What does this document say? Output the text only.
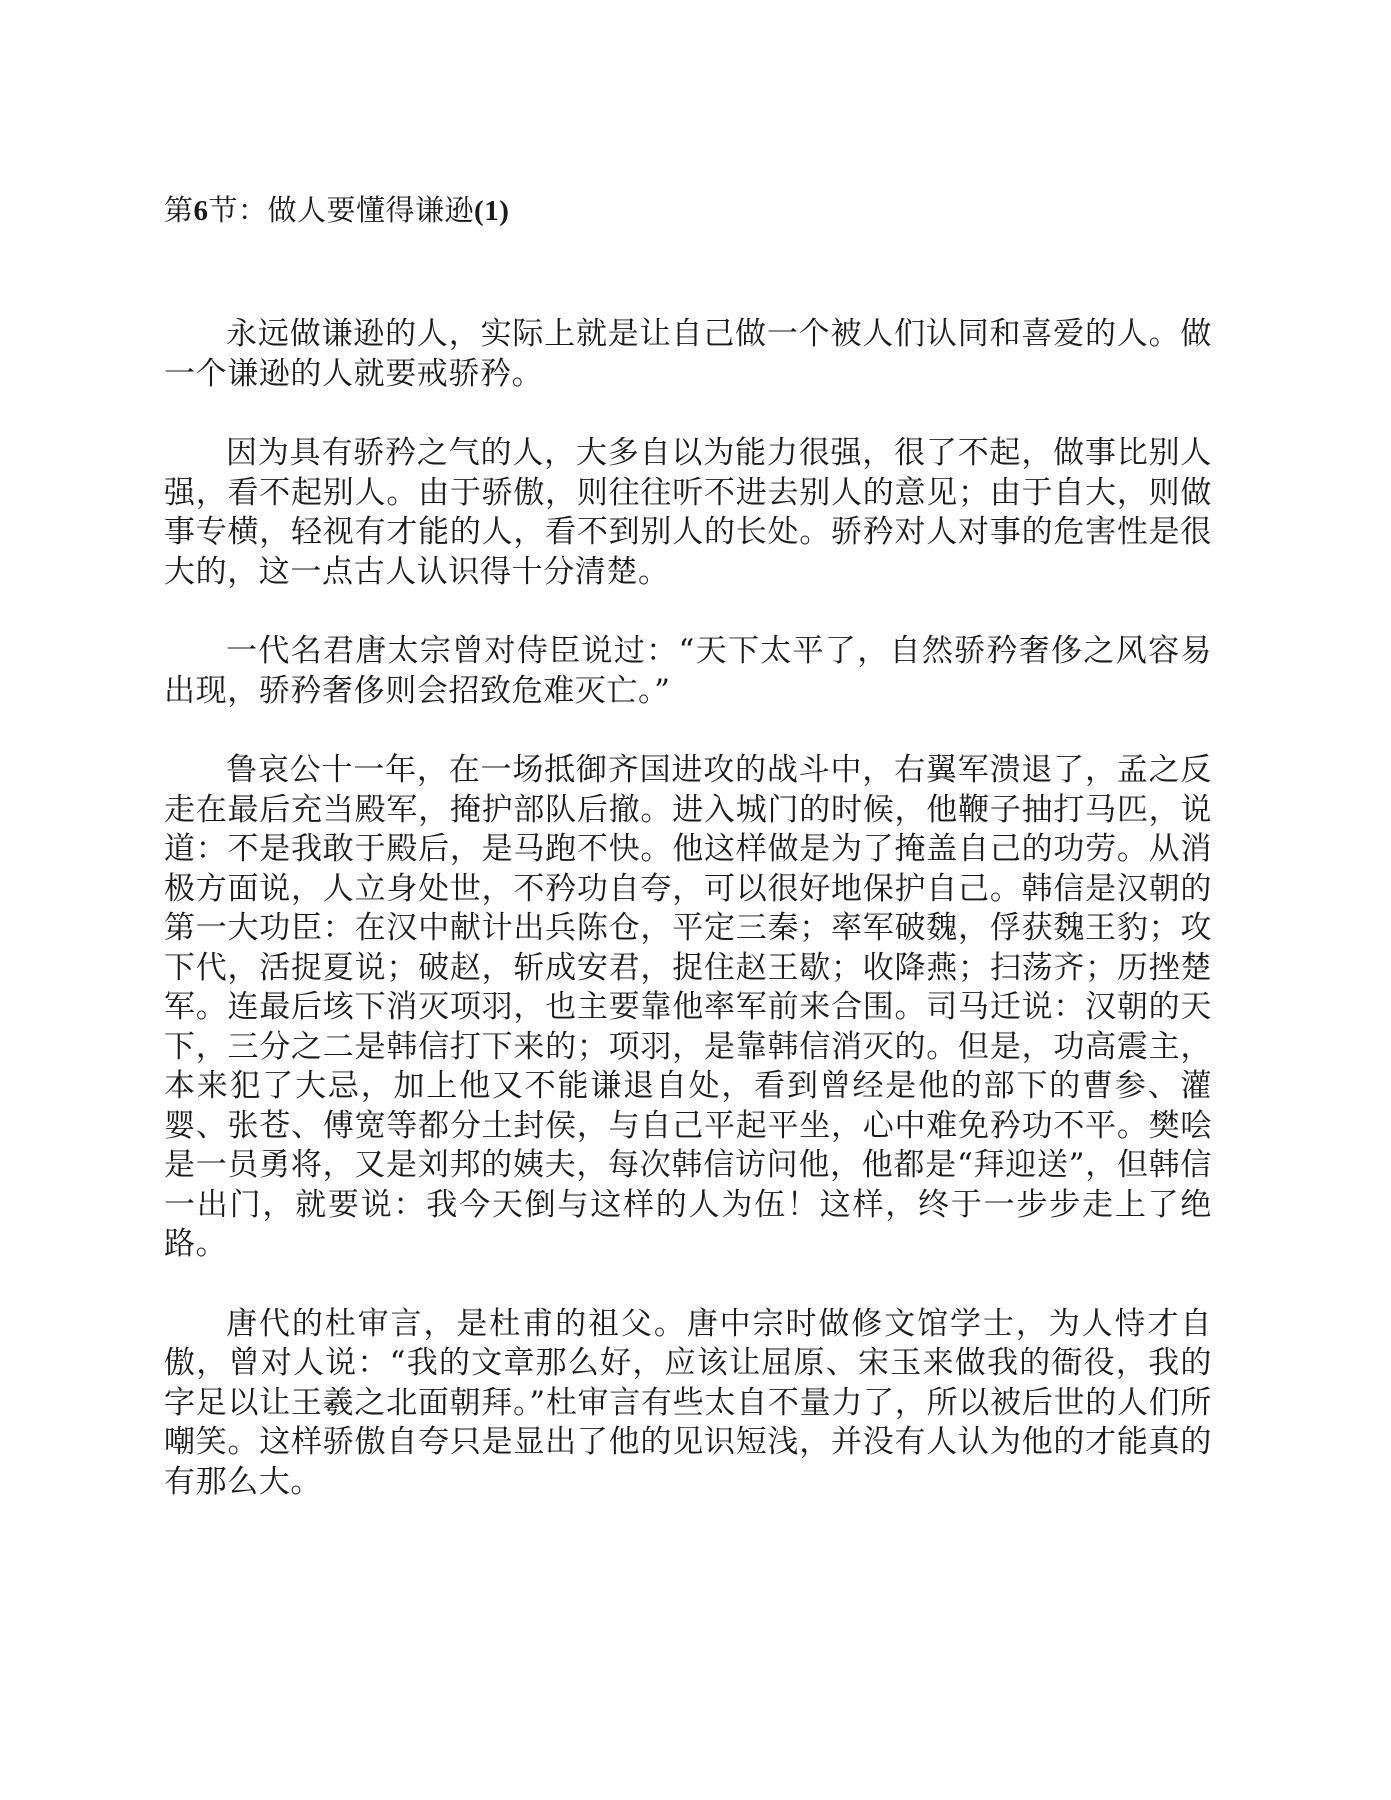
第6节：做人要懂得谦逊(1)

永远做谦逊的人，实际上就是让自己做一个被人们认同和喜爱的人。做一个谦逊的人就要戒骄矜。

因为具有骄矜之气的人，大多自以为能力很强，很了不起，做事比别人强，看不起别人。由于骄傲，则往往听不进去别人的意见；由于自大，则做事专横，轻视有才能的人，看不到别人的长处。骄矜对人对事的危害性是很大的，这一点古人认识得十分清楚。

一代名君唐太宗曾对侍臣说过：“天下太平了，自然骄矜奢侈之风容易出现，骄矜奢侈则会招致危难灭亡。”

鲁哀公十一年，在一场抵御齐国进攻的战斗中，右翼军溃退了，孟之反走在最后充当殿军，掩护部队后撤。进入城门的时候，他鞭子抽打马匹，说道：不是我敢于殿后，是马跑不快。他这样做是为了掩盖自己的功劳。从消极方面说，人立身处世，不矜功自夸，可以很好地保护自己。韩信是汉朝的第一大功臣：在汉中献计出兵陈仓，平定三秦；率军破魏，俘获魏王豹；攻下代，活捉夏说；破赵，斩成安君，捉住赵王歇；收降燕；扫荡齐；历挫楚军。连最后垓下消灭项羽，也主要靠他率军前来合围。司马迁说：汉朝的天下，三分之二是韩信打下来的；项羽，是靠韩信消灭的。但是，功高震主，本来犯了大忌，加上他又不能谦退自处，看到曾经是他的部下的曹参、灌婴、张苍、傅宽等都分土封侯，与自己平起平坐，心中难免矜功不平。樊哙是一员勇将，又是刘邦的姨夫，每次韩信访问他，他都是“拜迎送”，但韩信一出门，就要说：我今天倒与这样的人为伍！这样，终于一步步走上了绝路。

唐代的杜审言，是杜甫的祖父。唐中宗时做修文馆学士，为人恃才自傲，曾对人说：“我的文章那么好，应该让屈原、宋玉来做我的衙役，我的字足以让王羲之北面朝拜。”杜审言有些太自不量力了，所以被后世的人们所嘲笑。这样骄傲自夸只是显出了他的见识短浅，并没有人认为他的才能真的有那么大。
